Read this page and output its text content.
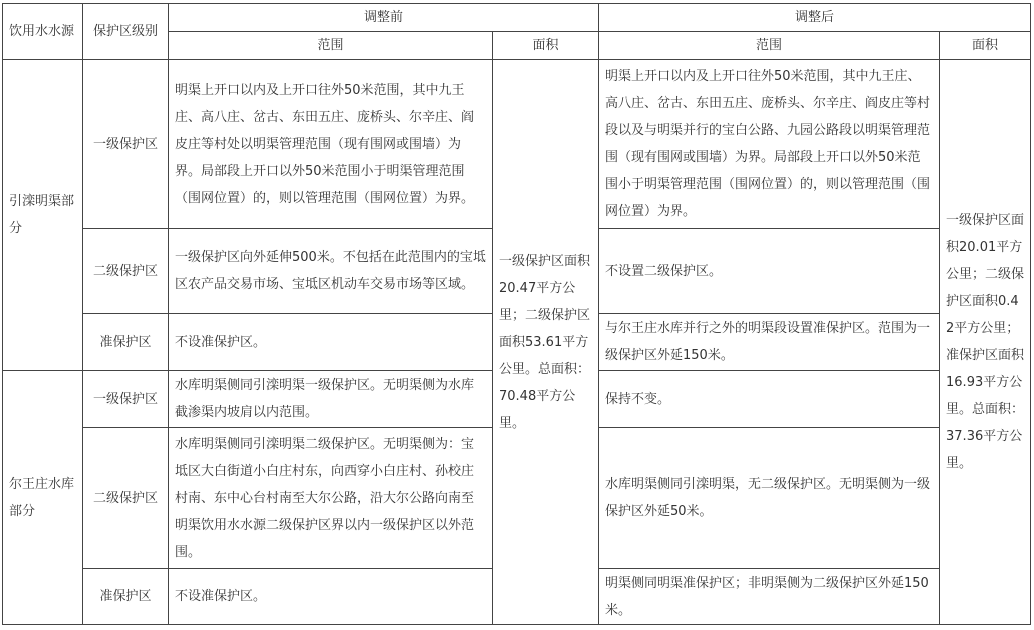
饮用水水源	保护区级别	调整前		调整后	
		范围	面积	范围	面积
引滦明渠部分	一级保护区	明渠上开口以内及上开口往外50米范围，其中九王庄、高八庄、岔古、东田五庄、庞桥头、尔辛庄、阎皮庄等村处以明渠管理范围（现有围网或围墙）为界。局部段上开口以外50米范围小于明渠管理范围（围网位置）的，则以管理范围（围网位置）为界。	一级保护区面积20.47平方公里；二级保护区面积53.61平方公里。总面积：70.48平方公里。	明渠上开口以内及上开口往外50米范围，其中九王庄、高八庄、岔古、东田五庄、庞桥头、尔辛庄、阎皮庄等村段以及与明渠并行的宝白公路、九园公路段以明渠管理范围（现有围网或围墙）为界。局部段上开口以外50米范围小于明渠管理范围（围网位置）的，则以管理范围（围网位置）为界。	一级保护区面积20.01平方公里；二级保护区面积0.42平方公里；准保护区面积16.93平方公里。总面积：37.36平方公里。
	二级保护区	一级保护区向外延伸500米。不包括在此范围内的宝坻区农产品交易市场、宝坻区机动车交易市场等区域。		不设置二级保护区。	
	准保护区	不设准保护区。		与尔王庄水库并行之外的明渠段设置准保护区。范围为一级保护区外延150米。	
尔王庄水库部分	一级保护区	水库明渠侧同引滦明渠一级保护区。无明渠侧为水库截渗渠内坡肩以内范围。		保持不变。	
	二级保护区	水库明渠侧同引滦明渠二级保护区。无明渠侧为：宝坻区大白街道小白庄村东，向西穿小白庄村、孙校庄村南、东中心台村南至大尔公路，沿大尔公路向南至明渠饮用水水源二级保护区界以内一级保护区以外范围。		水库明渠侧同引滦明渠，无二级保护区。无明渠侧为一级保护区外延50米。	
	准保护区	不设准保护区。		明渠侧同明渠准保护区；非明渠侧为二级保护区外延150米。	
